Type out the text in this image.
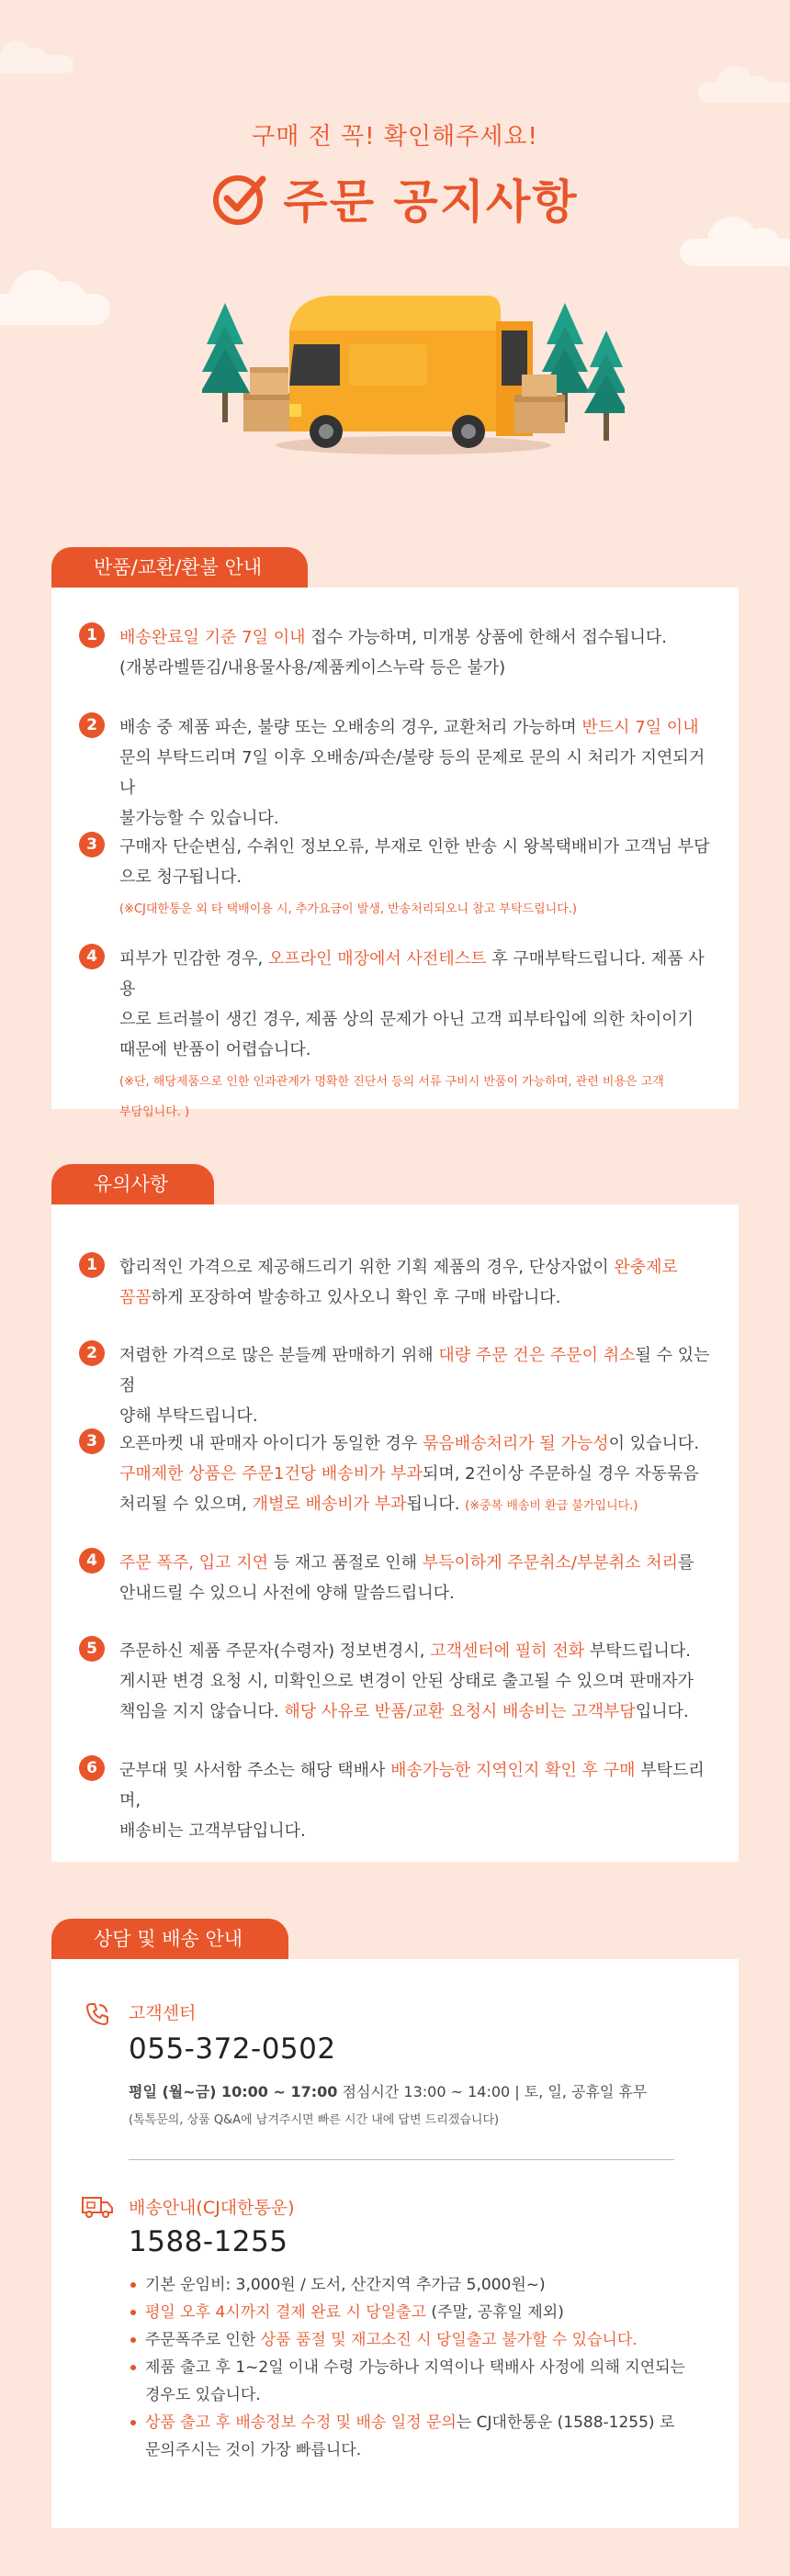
구매 전 꼭! 확인해주세요!
주문 공지사항
반품/교환/환불 안내
1	배송완료일 기준 7일 이내 접수 가능하며, 미개봉 상품에 한해서 접수됩니다.
(개봉라벨뜯김/내용물사용/제품케이스누락 등은 불가)
2	배송 중 제품 파손, 불량 또는 오배송의 경우, 교환처리 가능하며 반드시 7일 이내
문의 부탁드리며 7일 이후 오배송/파손/불량 등의 문제로 문의 시 처리가 지연되거나
불가능할 수 있습니다.
3	구매자 단순변심, 수취인 정보오류, 부재로 인한 반송 시 왕복택배비가 고객님 부담
으로 청구됩니다.
(※CJ대한통운 외 타 택배이용 시, 추가요금이 발생, 반송처리되오니 참고 부탁드립니다.)
4	피부가 민감한 경우, 오프라인 매장에서 사전테스트 후 구매부탁드립니다. 제품 사용
으로 트러블이 생긴 경우, 제품 상의 문제가 아닌 고객 피부타입에 의한 차이이기
때문에 반품이 어렵습니다.
(※단, 해당제품으로 인한 인과관계가 명확한 진단서 등의 서류 구비시 반품이 가능하며, 관련 비용은 고객
부담입니다. )
유의사항
1	합리적인 가격으로 제공해드리기 위한 기획 제품의 경우, 단상자없이 완충제로
꼼꼼하게 포장하여 발송하고 있사오니 확인 후 구매 바랍니다.
2	저렴한 가격으로 많은 분들께 판매하기 위해 대량 주문 건은 주문이 취소될 수 있는 점
양해 부탁드립니다.
3	오픈마켓 내 판매자 아이디가 동일한 경우 묶음배송처리가 될 가능성이 있습니다.
구매제한 상품은 주문1건당 배송비가 부과되며, 2건이상 주문하실 경우 자동묶음
처리될 수 있으며, 개별로 배송비가 부과됩니다. (※중복 배송비 환급 불가입니다.)
4	주문 폭주, 입고 지연 등 재고 품절로 인해 부득이하게 주문취소/부분취소 처리를
안내드릴 수 있으니 사전에 양해 말씀드립니다.
5	주문하신 제품 주문자(수령자) 정보변경시, 고객센터에 필히 전화 부탁드립니다.
게시판 변경 요청 시, 미확인으로 변경이 안된 상태로 출고될 수 있으며 판매자가
책임을 지지 않습니다. 해당 사유로 반품/교환 요청시 배송비는 고객부담입니다.
6	군부대 및 사서함 주소는 해당 택배사 배송가능한 지역인지 확인 후 구매 부탁드리며,
배송비는 고객부담입니다.
상담 및 배송 안내
고객센터
055-372-0502
평일 (월~금) 10:00 ~ 17:00 점심시간 13:00 ~ 14:00 | 토, 일, 공휴일 휴무
(톡톡문의, 상품 Q&A에 남겨주시면 빠른 시간 내에 답변 드리겠습니다)
배송안내(CJ대한통운)
1588-1255
기본 운임비: 3,000원 / 도서, 산간지역 추가금 5,000원~)
평일 오후 4시까지 결제 완료 시 당일출고 (주말, 공휴일 제외)
주문폭주로 인한 상품 품절 및 재고소진 시 당일출고 불가할 수 있습니다.
제품 출고 후 1~2일 이내 수령 가능하나 지역이나 택배사 사정에 의해 지연되는
경우도 있습니다.
상품 출고 후 배송정보 수정 및 배송 일정 문의는 CJ대한통운 (1588-1255) 로
문의주시는 것이 가장 빠릅니다.
